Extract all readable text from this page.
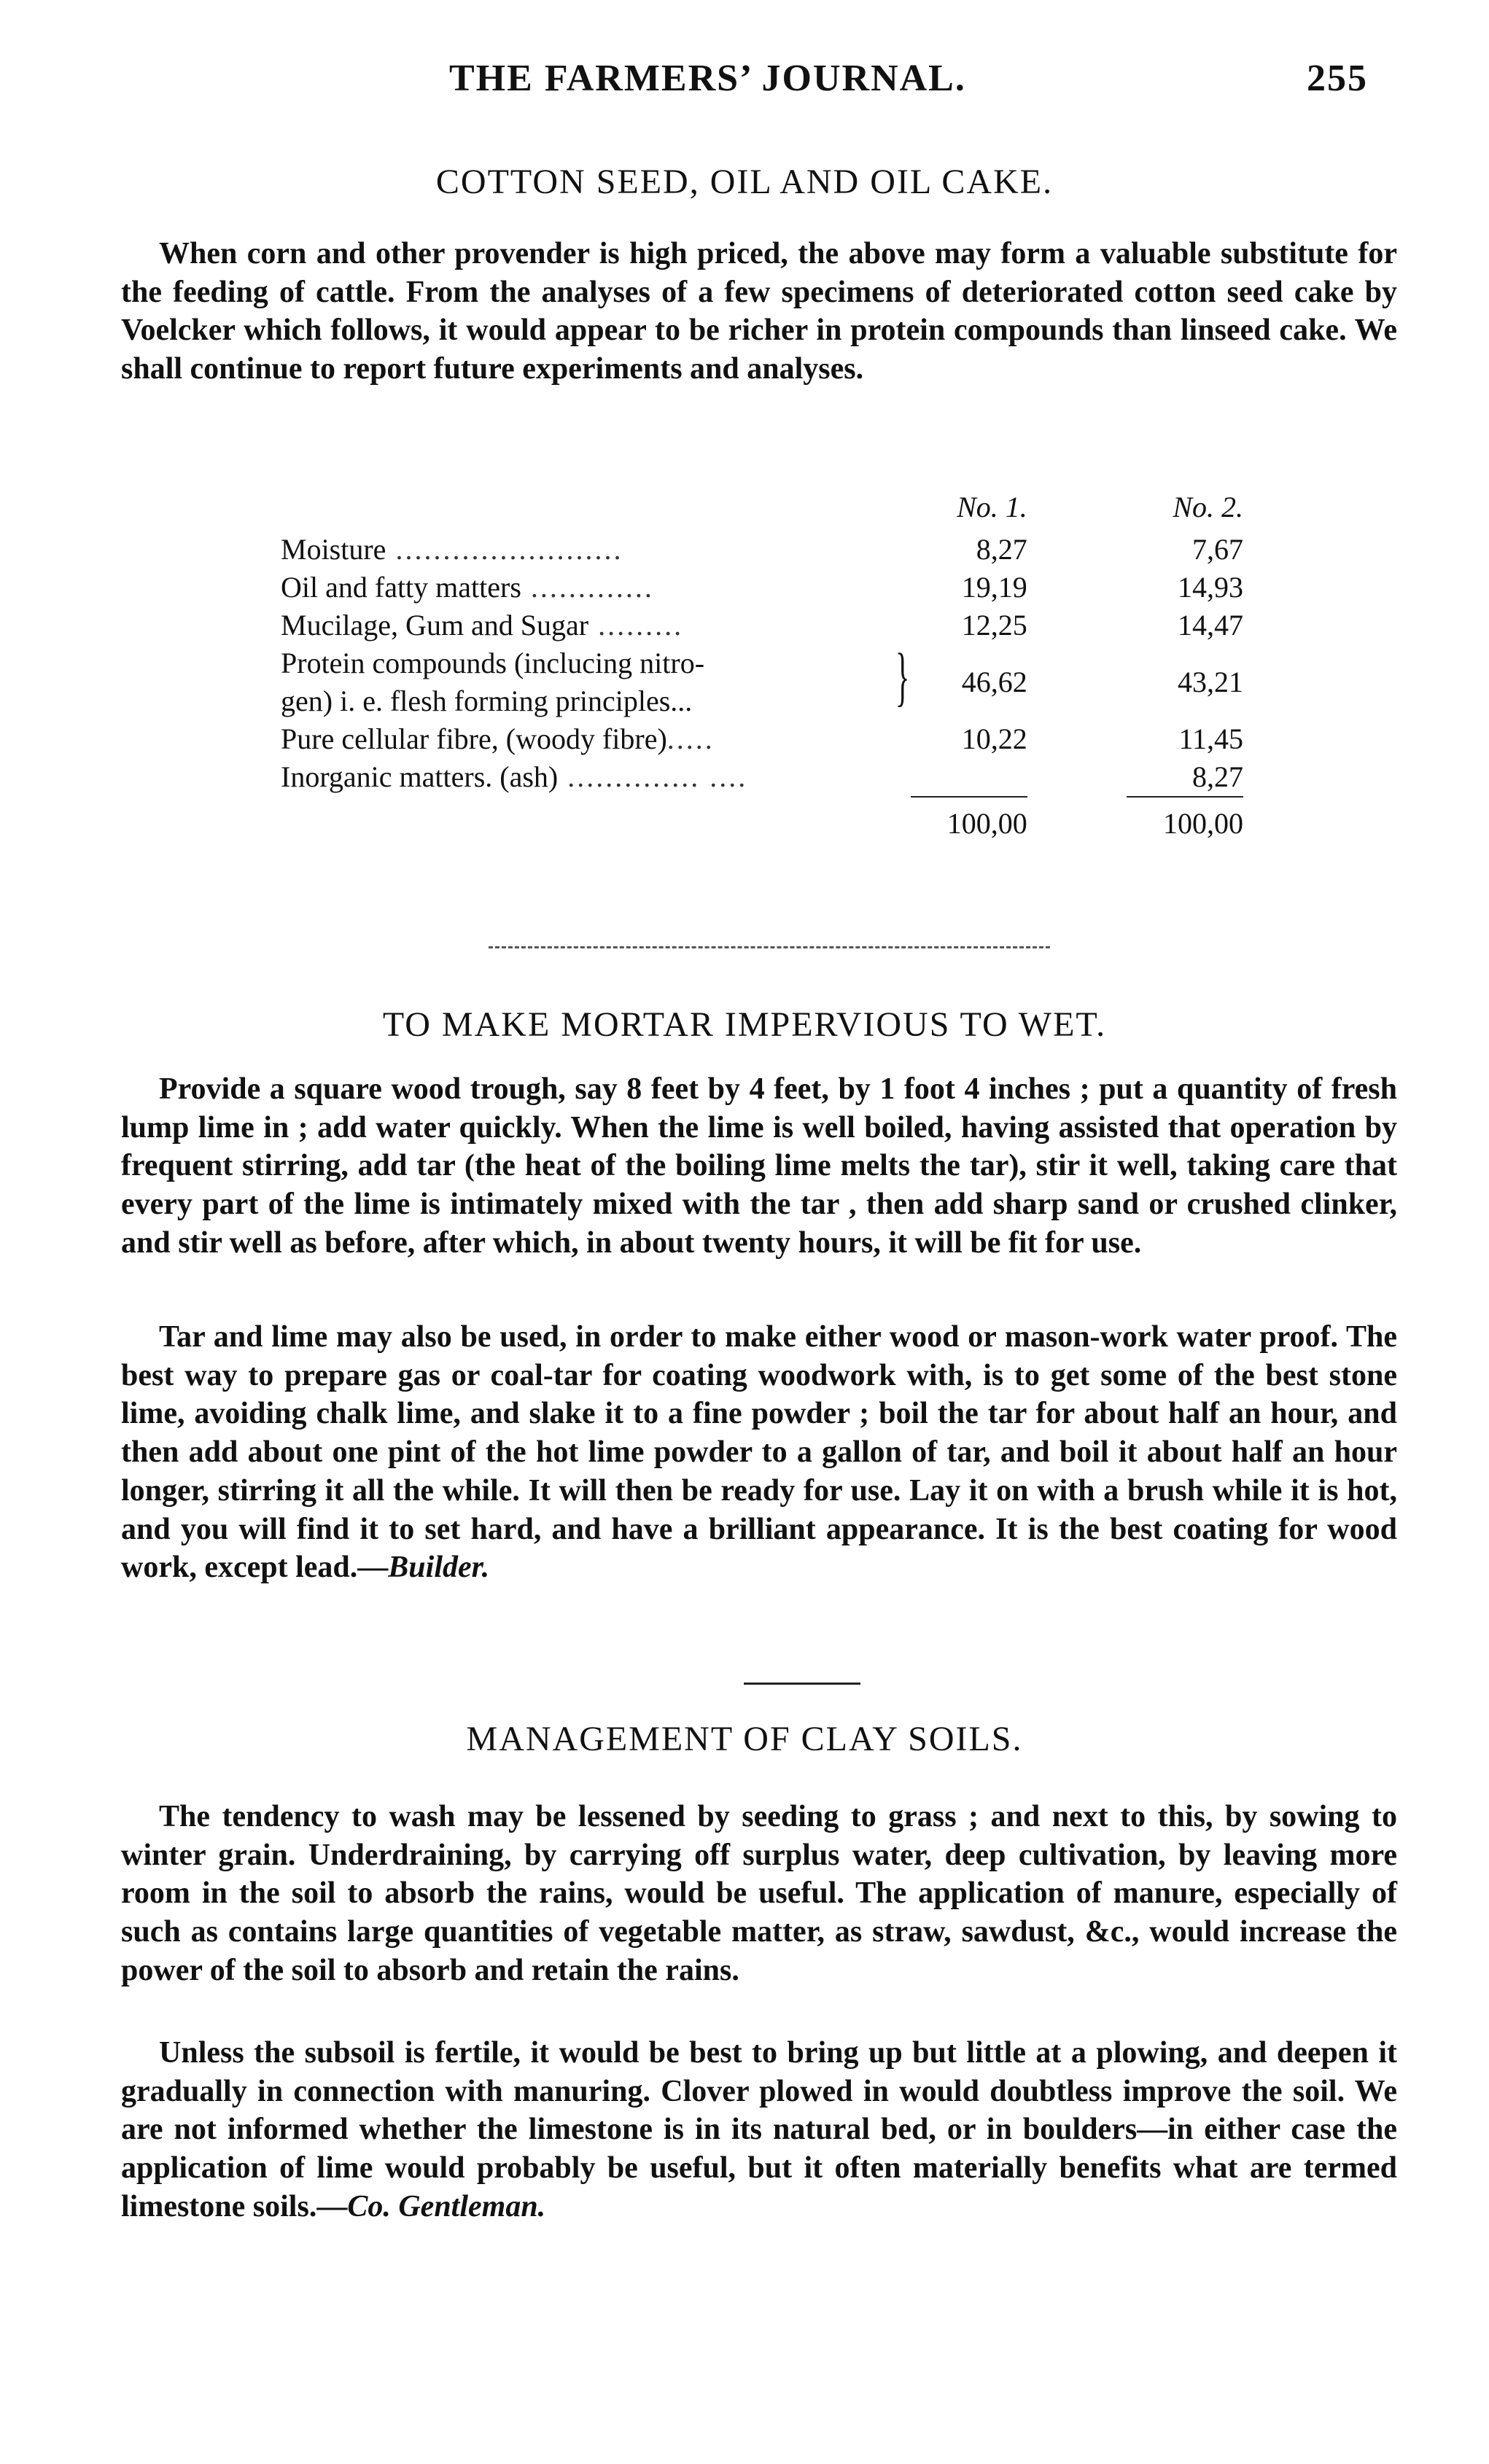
THE FARMERS’ JOURNAL.	255
COTTON SEED, OIL AND OIL CAKE.
When corn and other provender is high priced, the above may form a valuable substitute for the feeding of cattle. From the analyses of a few specimens of deteriorated cotton seed cake by Voelcker which follows, it would appear to be richer in protein compounds than linseed cake. We shall continue to report future experiments and analyses.
	No. 1.	No. 2.
Moisture ........................	8,27	7,67
Oil and fatty matters .............	19,19	14,93
Mucilage, Gum and Sugar .........	12,25	14,47

Protein compounds (inclucing nitro-
gen) i. e. flesh forming principles... }	46,62	43,21
Pure cellular fibre, (woody fibre).....	10,22	11,45
Inorganic matters. (ash) .............. ....		8,27
	100,00	100,00
TO MAKE MORTAR IMPERVIOUS TO WET.
Provide a square wood trough, say 8 feet by 4 feet, by 1 foot 4 inches ; put a quantity of fresh lump lime in ; add water quickly. When the lime is well boiled, having assisted that operation by frequent stirring, add tar (the heat of the boiling lime melts the tar), stir it well, taking care that every part of the lime is intimately mixed with the tar , then add sharp sand or crushed clinker, and stir well as before, after which, in about twenty hours, it will be fit for use.
Tar and lime may also be used, in order to make either wood or mason-work water proof. The best way to prepare gas or coal-tar for coating woodwork with, is to get some of the best stone lime, avoiding chalk lime, and slake it to a fine powder ; boil the tar for about half an hour, and then add about one pint of the hot lime powder to a gallon of tar, and boil it about half an hour longer, stirring it all the while. It will then be ready for use. Lay it on with a brush while it is hot, and you will find it to set hard, and have a brilliant appearance. It is the best coating for wood work, except lead.—Builder.
MANAGEMENT OF CLAY SOILS.
The tendency to wash may be lessened by seeding to grass ; and next to this, by sowing to winter grain. Underdraining, by carrying off surplus water, deep cultivation, by leaving more room in the soil to absorb the rains, would be useful. The application of manure, especially of such as contains large quantities of vegetable matter, as straw, sawdust, &c., would increase the power of the soil to absorb and retain the rains.
Unless the subsoil is fertile, it would be best to bring up but little at a plowing, and deepen it gradually in connection with manuring. Clover plowed in would doubtless improve the soil. We are not informed whether the limestone is in its natural bed, or in boulders—in either case the application of lime would probably be useful, but it often materially benefits what are termed limestone soils.—Co. Gentleman.
